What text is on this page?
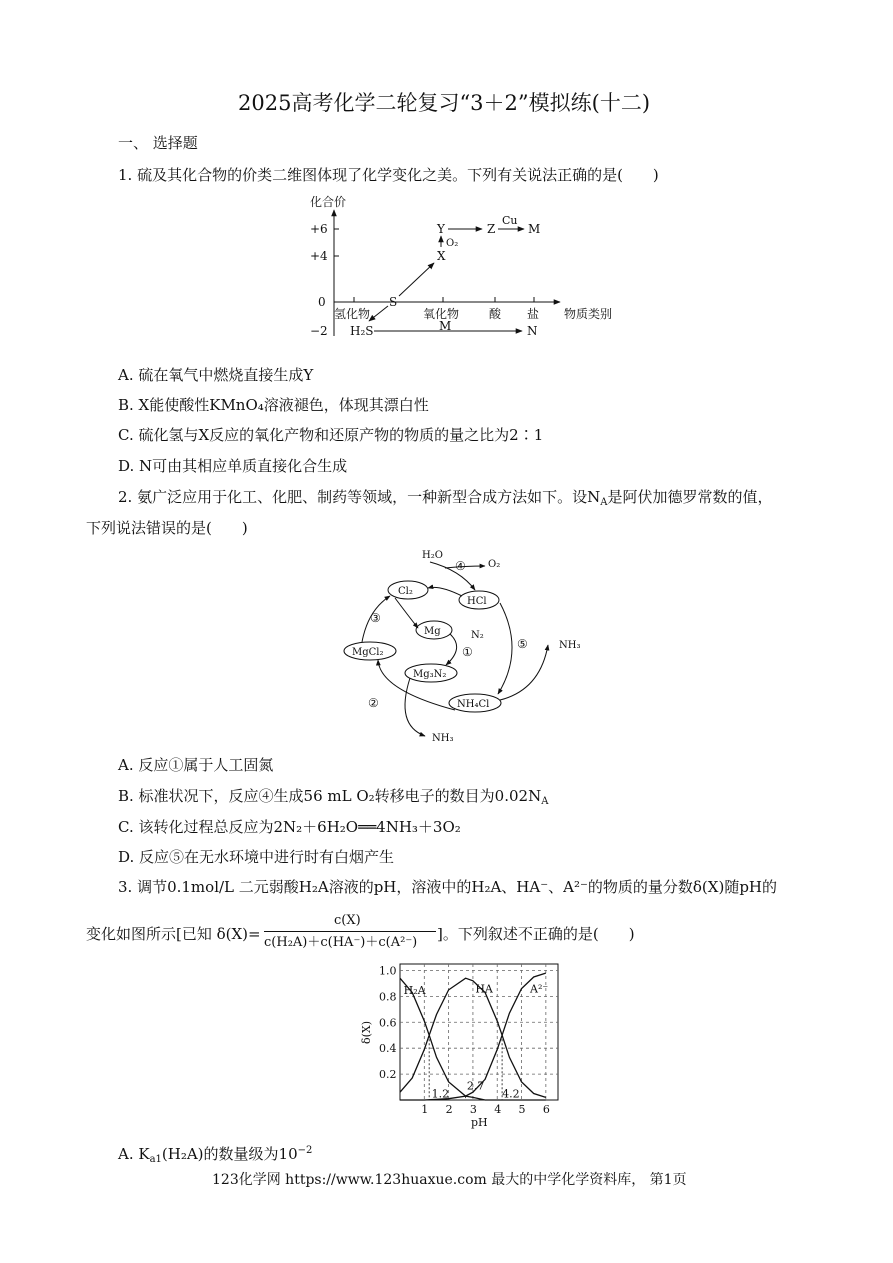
2025高考化学二轮复习“3＋2”模拟练(十二)
一、 选择题
1. 硫及其化合物的价类二维图体现了化学变化之美。下列有关说法正确的是(　　)
化合价
物质类别
+6
+4
0
−2
氢化物	氧化物 酸 盐
S
X
Y	Z	M
H₂S	M	N
O₂
Cu
A. 硫在氧气中燃烧直接生成Y
B. X能使酸性KMnO₄溶液褪色，体现其漂白性
C. 硫化氢与X反应的氧化产物和还原产物的物质的量之比为2∶1
D. N可由其相应单质直接化合生成
2. 氨广泛应用于化工、化肥、制药等领域，一种新型合成方法如下。设$N_A$是阿伏加德罗常数的值，
下列说法错误的是(　　)
Cl₂
HCl
Mg
MgCl₂
Mg₃N₂
NH₄Cl
H₂O
O₂
N₂
NH₃
NH₃
①
②
③
④
⑤
A. 反应①属于人工固氮
B. 标准状况下，反应④生成56 mL O₂转移电子的数目为$0.02N_A$
C. 该转化过程总反应为2N₂＋6H₂O══4NH₃＋3O₂
D. 反应⑤在无水环境中进行时有白烟产生
3. 调节0.1mol/L 二元弱酸H₂A溶液的pH，溶液中的H₂A、HA⁻、A²⁻的物质的量分数δ(X)随pH的
变化如图所示[已知 δ(X)=
c(X)
c(H₂A)＋c(HA⁻)＋c(A²⁻) ]。下列叙述不正确的是(　　)
1 2 3 4 5 6
0.2
0.4
0.6
0.8
1.0
pH
δ(X)
H₂A	HA	A²⁻
1.2
2.7
4.2
A. $K_{a1}(H_2A)$的数量级为$10^{-2}$
123化学网 https://www.123huaxue.com 最大的中学化学资料库， 第1页
